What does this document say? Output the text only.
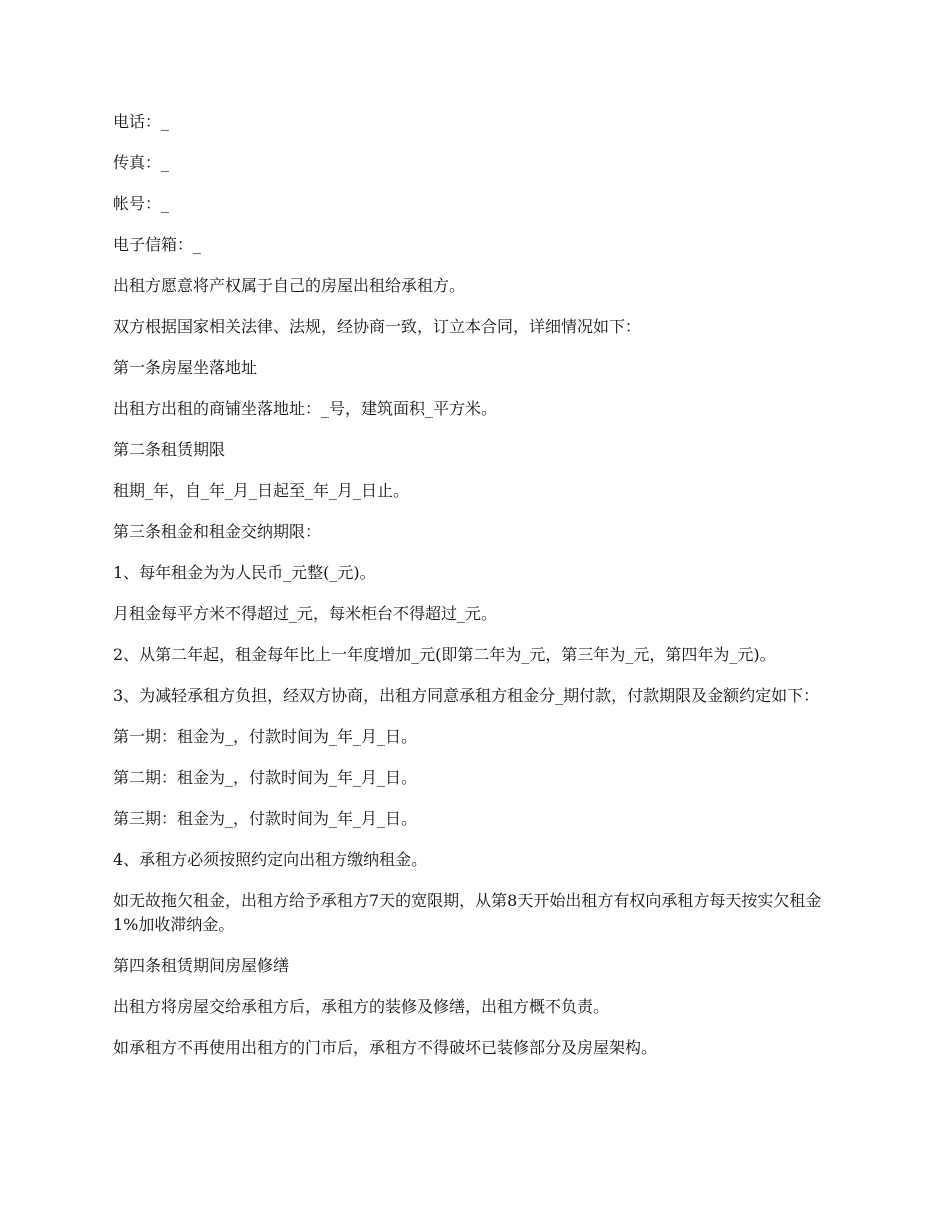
电话：_

传真：_

帐号：_

电子信箱：_

出租方愿意将产权属于自己的房屋出租给承租方。

双方根据国家相关法律、法规，经协商一致，订立本合同，详细情况如下：

第一条房屋坐落地址

出租方出租的商铺坐落地址：_号，建筑面积_平方米。

第二条租赁期限

租期_年，自_年_月_日起至_年_月_日止。

第三条租金和租金交纳期限：

1、每年租金为为人民币_元整(_元)。

月租金每平方米不得超过_元，每米柜台不得超过_元。

2、从第二年起，租金每年比上一年度增加_元(即第二年为_元，第三年为_元，第四年为_元)。

3、为减轻承租方负担，经双方协商，出租方同意承租方租金分_期付款，付款期限及金额约定如下：

第一期：租金为_，付款时间为_年_月_日。

第二期：租金为_，付款时间为_年_月_日。

第三期：租金为_，付款时间为_年_月_日。

4、承租方必须按照约定向出租方缴纳租金。

如无故拖欠租金，出租方给予承租方7天的宽限期，从第8天开始出租方有权向承租方每天按实欠租金1%加收滞纳金。

第四条租赁期间房屋修缮

出租方将房屋交给承租方后，承租方的装修及修缮，出租方概不负责。

如承租方不再使用出租方的门市后，承租方不得破坏已装修部分及房屋架构。
